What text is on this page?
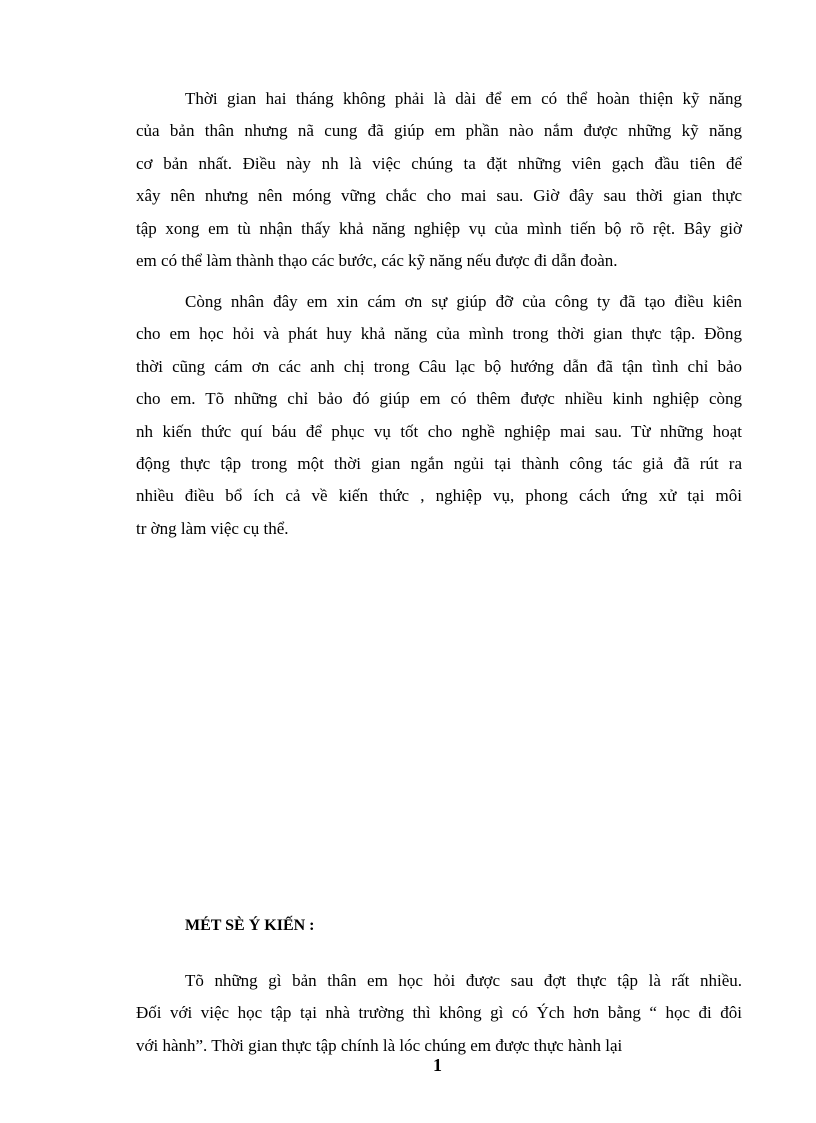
Thời gian hai tháng không phải là dài để em có thể hoàn thiện kỹ năng
của bản thân nhưng nã cung đã giúp em phần nào nắm được những kỹ năng
cơ bản nhất. Điều này nh là việc chúng ta đặt những viên gạch đầu tiên để
xây nên nhưng nên móng vững chắc cho mai sau. Giờ đây sau thời gian thực
tập xong em tù nhận thấy khả năng nghiệp vụ của mình tiến bộ rõ rệt. Bây giờ
em có thể làm thành thạo các bước, các kỹ năng nếu được đi dẫn đoàn.
Còng nhân đây em xin cám ơn sự giúp đỡ của công ty đã tạo điều kiên
cho em học hỏi và phát huy khả năng của mình trong thời gian thực tập. Đồng
thời cũng cám ơn các anh chị trong Câu lạc bộ hướng dẫn đã tận tình chỉ bảo
cho em. Tõ những chỉ bảo đó giúp em có thêm được nhiều kinh nghiệp còng
nh kiến thức quí báu để phục vụ tốt cho nghề nghiệp mai sau. Từ những hoạt
động thực tập trong một thời gian ngắn ngủi tại thành công tác giả đã rút ra
nhiều điều bổ ích cả về kiến thức , nghiệp vụ, phong cách ứng xử tại môi
tr ờng làm việc cụ thể.

MÉT SÈ Ý KIẾN :

Tõ những gì bản thân em học hỏi được sau đợt thực tập là rất nhiều.
Đối với việc học tập tại nhà trường thì không gì có Ých hơn bằng “ học đi đôi
với hành”. Thời gian thực tập chính là lóc chúng em được thực hành lại

1
